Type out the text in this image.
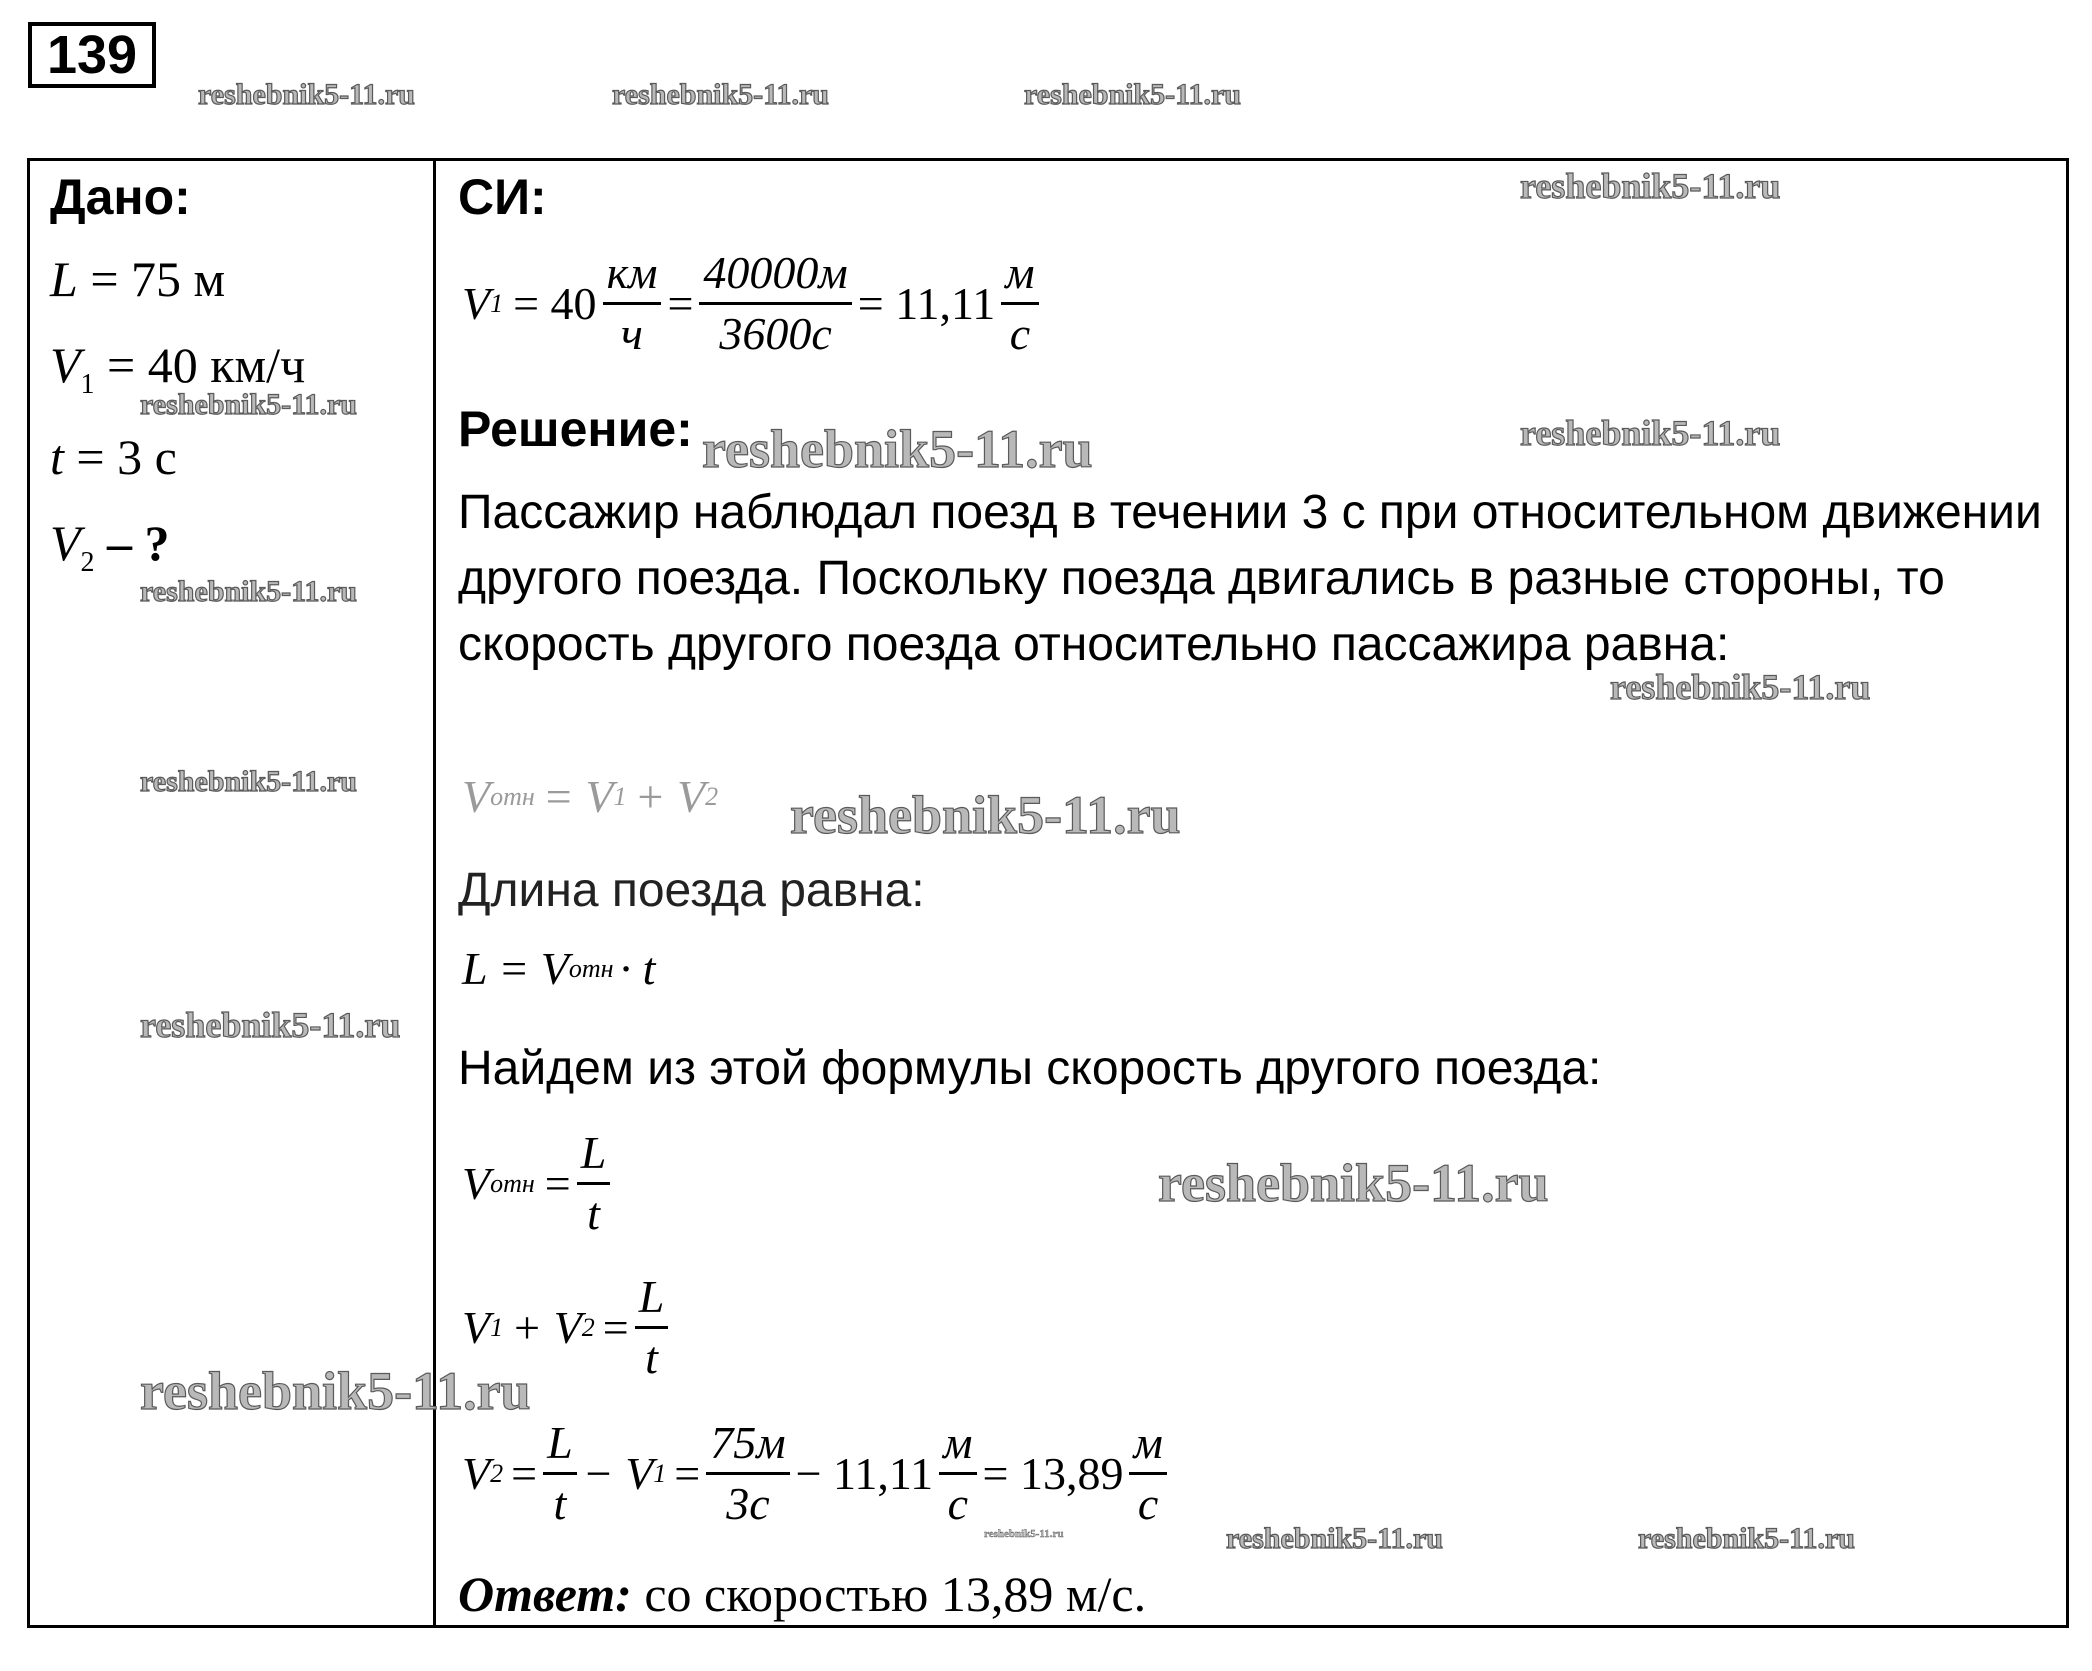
139
reshebnik5-11.ru	reshebnik5-11.ru	reshebnik5-11.ru
Дано:
L = 75 м
$V_1 = 40$ км/ч
t = 3 с
$V_2$ – ?
СИ:
V $1 = 40 \frac{км}{ч} = \frac{40000м}{3600с} = 11,11 \frac{м}{с}$
Решение:
Пассажир наблюдал поезд в течении 3 с при относительном движении другого поезда. Поскольку поезда двигались в разные стороны, то скорость другого поезда относительно пассажира равна:
V отн = V 1 + V 2
Длина поезда равна:
L = V отн · t
Найдем из этой формулы скорость другого поезда:
V отн = $\frac{L}{t}$
V 1 + V $2 = \frac{L}{t}$
V $2 = \frac{L}{t} - V$ $1 = \frac{75м}{3с} - 11,11 \frac{м}{с} = 13,89 \frac{м}{с}$
Ответ: со скоростью 13,89 м/с.
reshebnik5-11.ru
reshebnik5-11.ru
reshebnik5-11.ru
reshebnik5-11.ru
reshebnik5-11.ru	reshebnik5-11.ru
reshebnik5-11.ru
reshebnik5-11.ru
reshebnik5-11.ru
reshebnik5-11.ru
reshebnik5-11.ru
reshebnik5-11.ru	reshebnik5-11.ru
reshebnik5-11.ru
